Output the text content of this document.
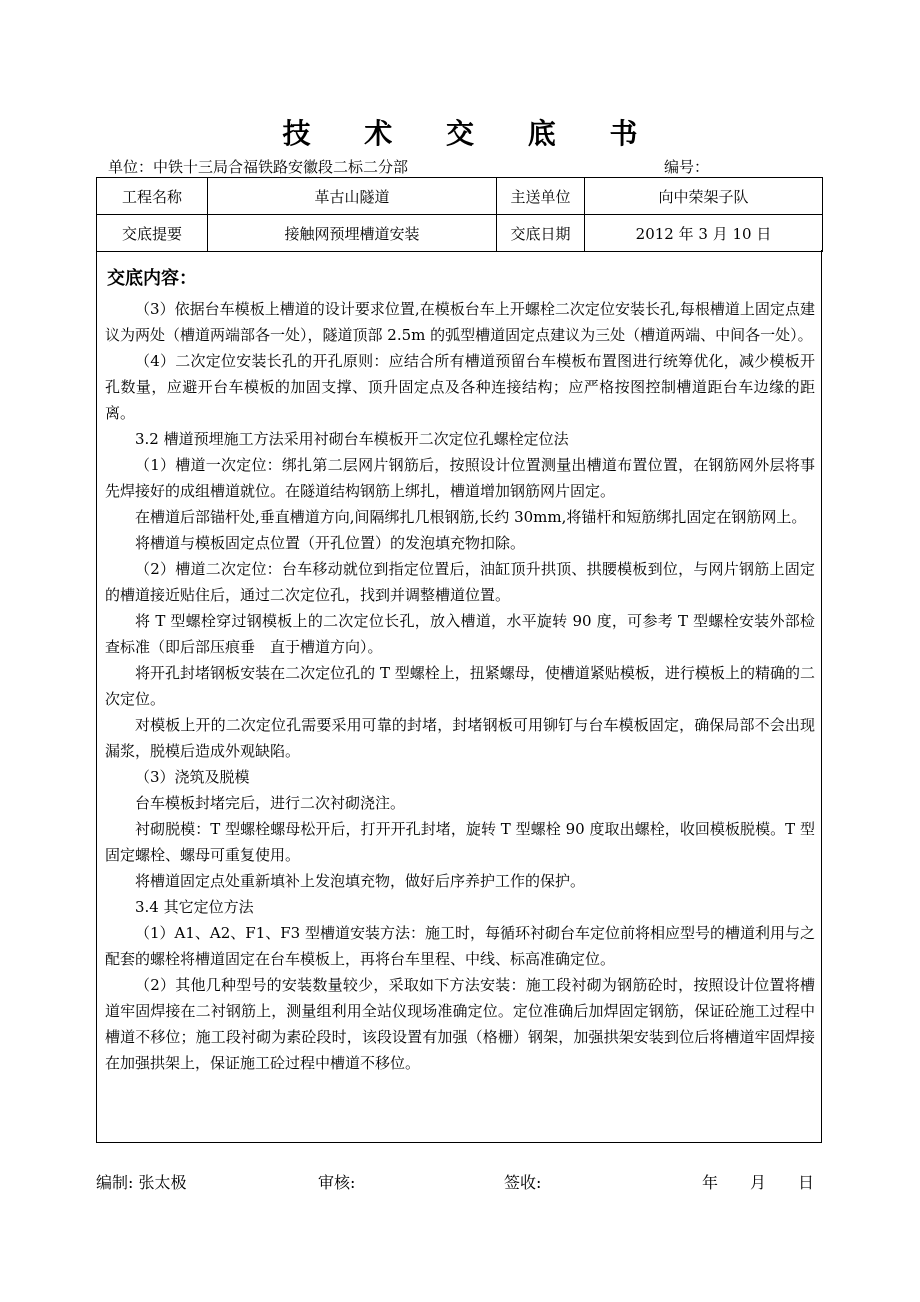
技 术 交 底 书
单位：中铁十三局合福铁路安徽段二标二分部	编号：
工程名称	革古山隧道	主送单位	向中荣架子队
交底提要	接触网预埋槽道安装	交底日期	2012 年 3 月 10 日
交底内容：

（3）依据台车模板上槽道的设计要求位置,在模板台车上开螺栓二次定位安装长孔,每根槽道上固定点建议为两处（槽道两端部各一处），隧道顶部 2.5m 的弧型槽道固定点建议为三处（槽道两端、中间各一处）。

（4）二次定位安装长孔的开孔原则：应结合所有槽道预留台车模板布置图进行统筹优化，减少模板开孔数量，应避开台车模板的加固支撑、顶升固定点及各种连接结构；应严格按图控制槽道距台车边缘的距离。

3.2 槽道预埋施工方法采用衬砌台车模板开二次定位孔螺栓定位法

（1）槽道一次定位：绑扎第二层网片钢筋后，按照设计位置测量出槽道布置位置，在钢筋网外层将事先焊接好的成组槽道就位。在隧道结构钢筋上绑扎，槽道增加钢筋网片固定。

在槽道后部锚杆处,垂直槽道方向,间隔绑扎几根钢筋,长约 30mm,将锚杆和短筋绑扎固定在钢筋网上。

将槽道与模板固定点位置（开孔位置）的发泡填充物扣除。

（2）槽道二次定位：台车移动就位到指定位置后，油缸顶升拱顶、拱腰模板到位，与网片钢筋上固定的槽道接近贴住后，通过二次定位孔，找到并调整槽道位置。

将 T 型螺栓穿过钢模板上的二次定位长孔，放入槽道，水平旋转 90 度，可参考 T 型螺栓安装外部检查标准（即后部压痕垂　直于槽道方向）。

将开孔封堵钢板安装在二次定位孔的 T 型螺栓上，扭紧螺母，使槽道紧贴模板，进行模板上的精确的二次定位。

对模板上开的二次定位孔需要采用可靠的封堵，封堵钢板可用铆钉与台车模板固定，确保局部不会出现漏浆，脱模后造成外观缺陷。

（3）浇筑及脱模

台车模板封堵完后，进行二次衬砌浇注。

衬砌脱模：T 型螺栓螺母松开后，打开开孔封堵，旋转 T 型螺栓 90 度取出螺栓，收回模板脱模。T 型固定螺栓、螺母可重复使用。

将槽道固定点处重新填补上发泡填充物，做好后序养护工作的保护。

3.4 其它定位方法

（1）A1、A2、F1、F3 型槽道安装方法：施工时，每循环衬砌台车定位前将相应型号的槽道利用与之配套的螺栓将槽道固定在台车模板上，再将台车里程、中线、标高准确定位。

（2）其他几种型号的安装数量较少，采取如下方法安装：施工段衬砌为钢筋砼时，按照设计位置将槽道牢固焊接在二衬钢筋上，测量组利用全站仪现场准确定位。定位准确后加焊固定钢筋，保证砼施工过程中槽道不移位；施工段衬砌为素砼段时，该段设置有加强（格栅）钢架，加强拱架安装到位后将槽道牢固焊接在加强拱架上，保证施工砼过程中槽道不移位。

编制: 张太极	审核:	签收:	年　　月　　日
